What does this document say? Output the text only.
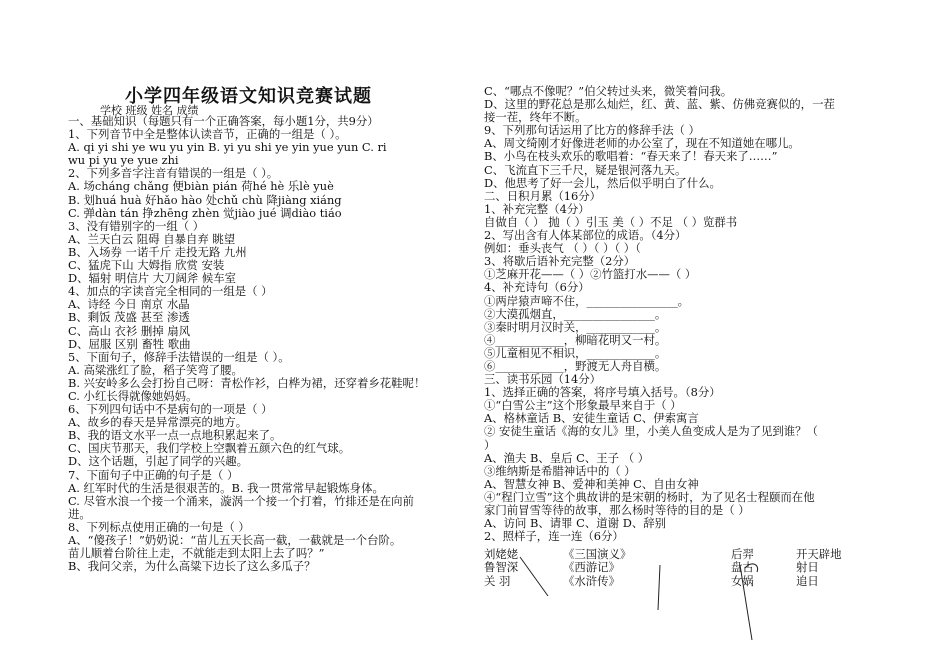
小学四年级语文知识竞赛试题
学校 班级 姓名 成绩
一、基础知识（每题只有一个正确答案，每小题1分，共9分）
1、下列音节中全是整体认读音节，正确的一组是（ ）。
A. qi yi shi ye wu yu yin B. yi yu shi ye yin yue yun C. ri
wu pi yu ye yue zhi
2、下列多音字注音有错误的一组是（ ）。
A. 场cháng chǎng 便biàn pián 荷hé hè 乐lè yuè
B. 划huá huà 好hǎo hào 处chǔ chù 降jiàng xiáng
C. 弹dàn tán 挣zhēng zhèn 觉jiào jué 调diào tiáo
3、没有错别字的一组（ ）
A、兰天白云 阻碍 自暴自弃 眺望
B、入场券 一诺千斤 走投无路 九州
C、猛虎下山 大姆指 欣赏 安装
D、辐射 明信片 大刀阔斧 候车室
4、加点的字读音完全相同的一组是（ ）
A、诗经 今日 南京 水晶
B、剩饭 茂盛 甚至 渗透
C、高山 衣衫 删掉 扇风
D、屈服 区别 畜牲 歌曲
5、下面句子，修辞手法错误的一组是（ ）。
A. 高粱涨红了脸，稻子笑弯了腰。
B. 兴安岭多么会打扮自己呀：青松作衫，白桦为裙，还穿着乡花鞋呢！
C. 小红长得就像她妈妈。
6、下列四句话中不是病句的一项是（ ）
A、故乡的春天是异常漂亮的地方。
B、我的语文水平一点一点地积累起来了。
C、国庆节那天，我们学校上空飘着五颜六色的红气球。
D、这个话题，引起了同学的兴趣。
7、下面句子中正确的句子是（ ）
A. 红军时代的生活是很艰苦的。B. 我一贯常常早起锻炼身体。
C. 尽管水浪一个接一个涌来，漩涡一个接一个打着，竹排还是在向前
进。
8、下列标点使用正确的一句是（ ）
A、“傻孩子！”奶奶说：“苗儿五天长高一截，一截就是一个台阶。
苗儿顺着台阶往上走，不就能走到太阳上去了吗？”
B、我问父亲，为什么高粱下边长了这么多瓜子？
C、“哪点不像呢？”伯父转过头来，微笑着问我。
D、这里的野花总是那么灿烂，红、黄、蓝、紫、仿佛竞赛似的，一茬
接一茬，终年不断。
9、下列那句话运用了比方的修辞手法（ ）
A、周文绮刚才好像进老师的办公室了，现在不知道她在哪儿。
B、小鸟在枝头欢乐的歌唱着：“春天来了！春天来了……”
C、飞流直下三千尺，疑是银河落九天。
D、他思考了好一会儿，然后似乎明白了什么。
二、日积月累（16分）
1、补充完整（4分）
自做自（ ） 抛（ ）引玉 美（ ）不足 （ ）览群书
2、写出含有人体某部位的成语。（4分）
例如：垂头丧气 （ ）（ ）（ ）（
3、将歇后语补充完整（2分）
①芝麻开花——（ ）②竹篮打水——（ ）
4、补充诗句（6分）
①两岸猿声啼不住，________________。
②大漠孤烟直，________________。
③秦时明月汉时关，____________。
④____________，柳暗花明又一村。
⑤儿童相见不相识，____________。
⑥____________，野渡无人舟自横。
三、读书乐园（14分）
1、选择正确的答案，将序号填入括号。（8分）
①“白雪公主”这个形象最早来自于（ ）
A、格林童话 B、安徒生童话 C、伊索寓言
② 安徒生童话《海的女儿》里，小美人鱼变成人是为了见到谁？（
）
A、渔夫 B、皇后 C、王子 （ ）
③维纳斯是希腊神话中的（ ）
A、智慧女神 B、爱神和美神 C、自由女神
④“程门立雪”这个典故讲的是宋朝的杨时，为了见名士程颐而在他
家门前冒雪等待的故事，那么杨时等待的目的是（ ）
A、访问 B、请罪 C、道谢 D、辞别
2、照样子，连一连（6分）
刘姥姥
鲁智深
关 羽
《三国演义》
《西游记》
《水浒传》
后羿
盘古
女娲
开天辟地
射日
追日
